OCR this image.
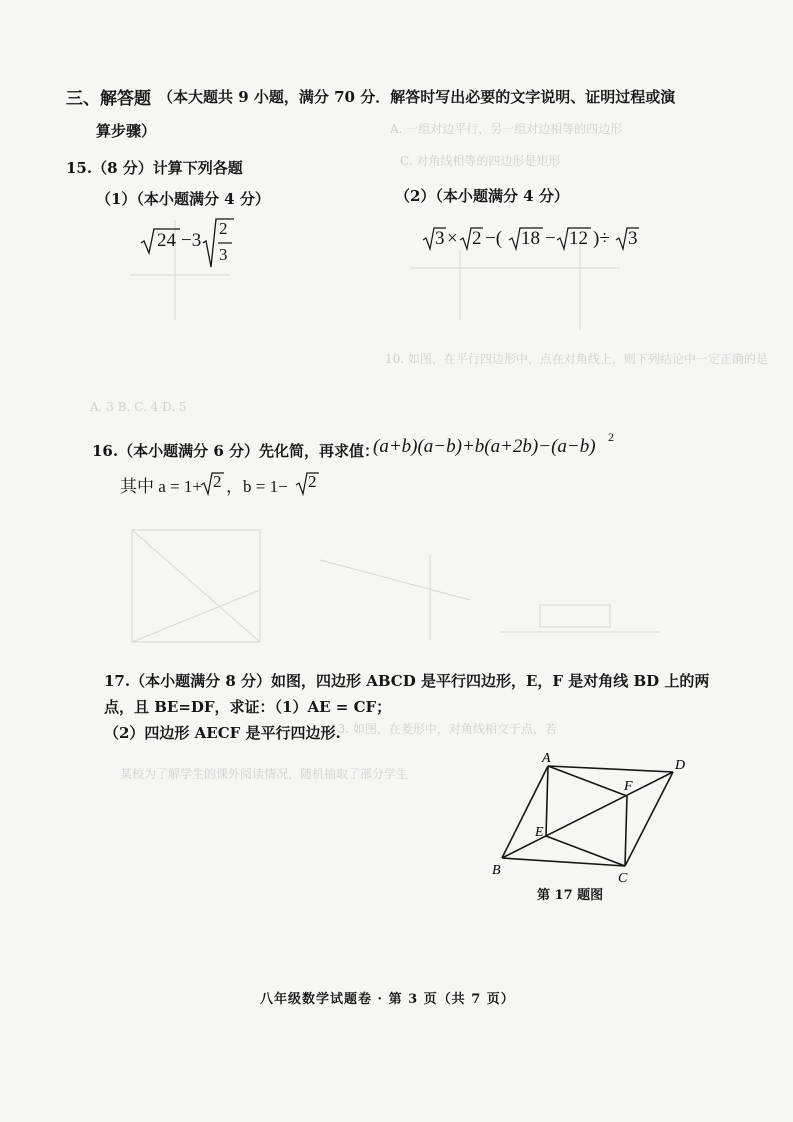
A. 一组对边平行，另一组对边相等的四边形
C. 对角线相等的四边形是矩形
10. 如图，在平行四边形中，点在对角线上，则下列结论中一定正确的是
A. 3 B. C. 4 D. 5
13. 如图，在菱形中，对角线相交于点，若
某校为了解学生的课外阅读情况，随机抽取了部分学生
三、解答题 （本大题共 9 小题，满分 70 分．解答时写出必要的文字说明、证明过程或演
算步骤）
15.（8 分）计算下列各题
（1）（本小题满分 4 分）	（2）（本小题满分 4 分）
24 −3
2
3
3 × 2 −( 18 − 12 )÷ 3
16.（本小题满分 6 分）先化简，再求值：
(a+b)(a−b)+b(a+2b)−(a−b) 2
其中 a = 1+ 2 ，b = 1− 2
17.（本小题满分 8 分）如图，四边形 ABCD 是平行四边形，E，F 是对角线 BD 上的两
点，且 BE=DF，求证：（1）AE = CF；
（2）四边形 AECF 是平行四边形.
A
B
C
D
E
F
第 17 题图
八年级数学试题卷 · 第 3 页（共 7 页）
